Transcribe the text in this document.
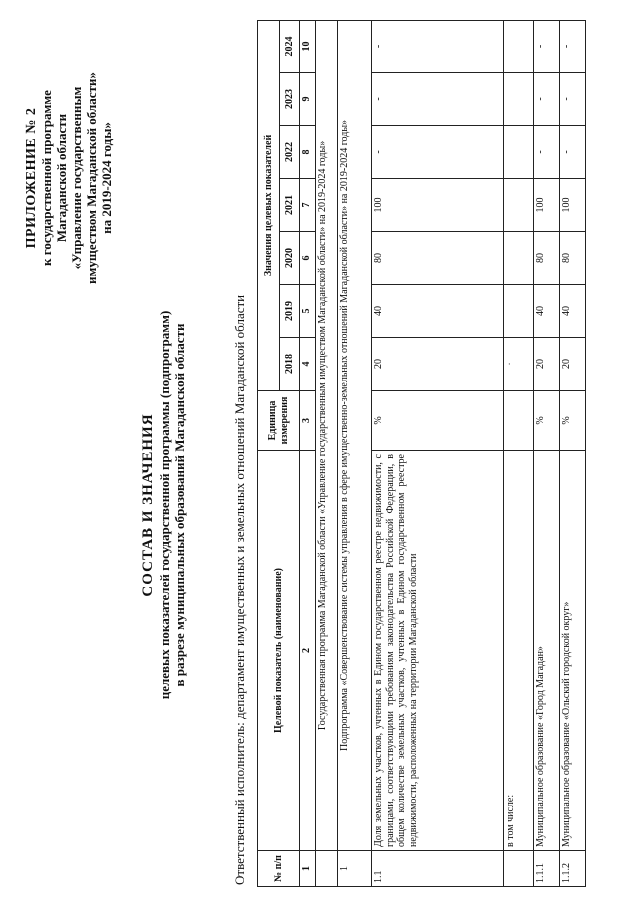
ПРИЛОЖЕНИЕ № 2 к государственной программе Магаданской области «Управление государственным имуществом Магаданской области» на 2019-2024 годы»
СОСТАВ И ЗНАЧЕНИЯ целевых показателей государственной программы (подпрограмм) в разрезе муниципальных образований Магаданской области	Ответственный исполнитель: департамент имущественных и земельных отношений Магаданской области	№ п/п	Целевой показатель (наименование)	Единица измерения	Значения целевых показателей						
			2018	2019	2020	2021	2022	2023	2024
1	2	3	4	5	6	7	8	9	10
	Государственная программа Магаданской области «Управление государственным имуществом Магаданской области» на 2019-2024 годы»								
1	Подпрограмма «Совершенствование системы управления в сфере имущественно-земельных отношений Магаданской области» на 2019-2024 годы»								
1.1	Доля земельных участков, учтенных в Едином государственном реестре недвижимости, с границами, соответствующими требованиям законодательства Российской Федерации, в общем количестве земельных участков, учтенных в Едином государственном реестре недвижимости, расположенных на территории Магаданской области	%	20	40	80	100	-	-	-
	в том числе:		·						
1.1.1	Муниципальное образование «Город Магадан»	%	20	40	80	100	-	-	-
1.1.2	Муниципальное образование «Ольский городской округ»	%	20	40	80	100	-	-	-
